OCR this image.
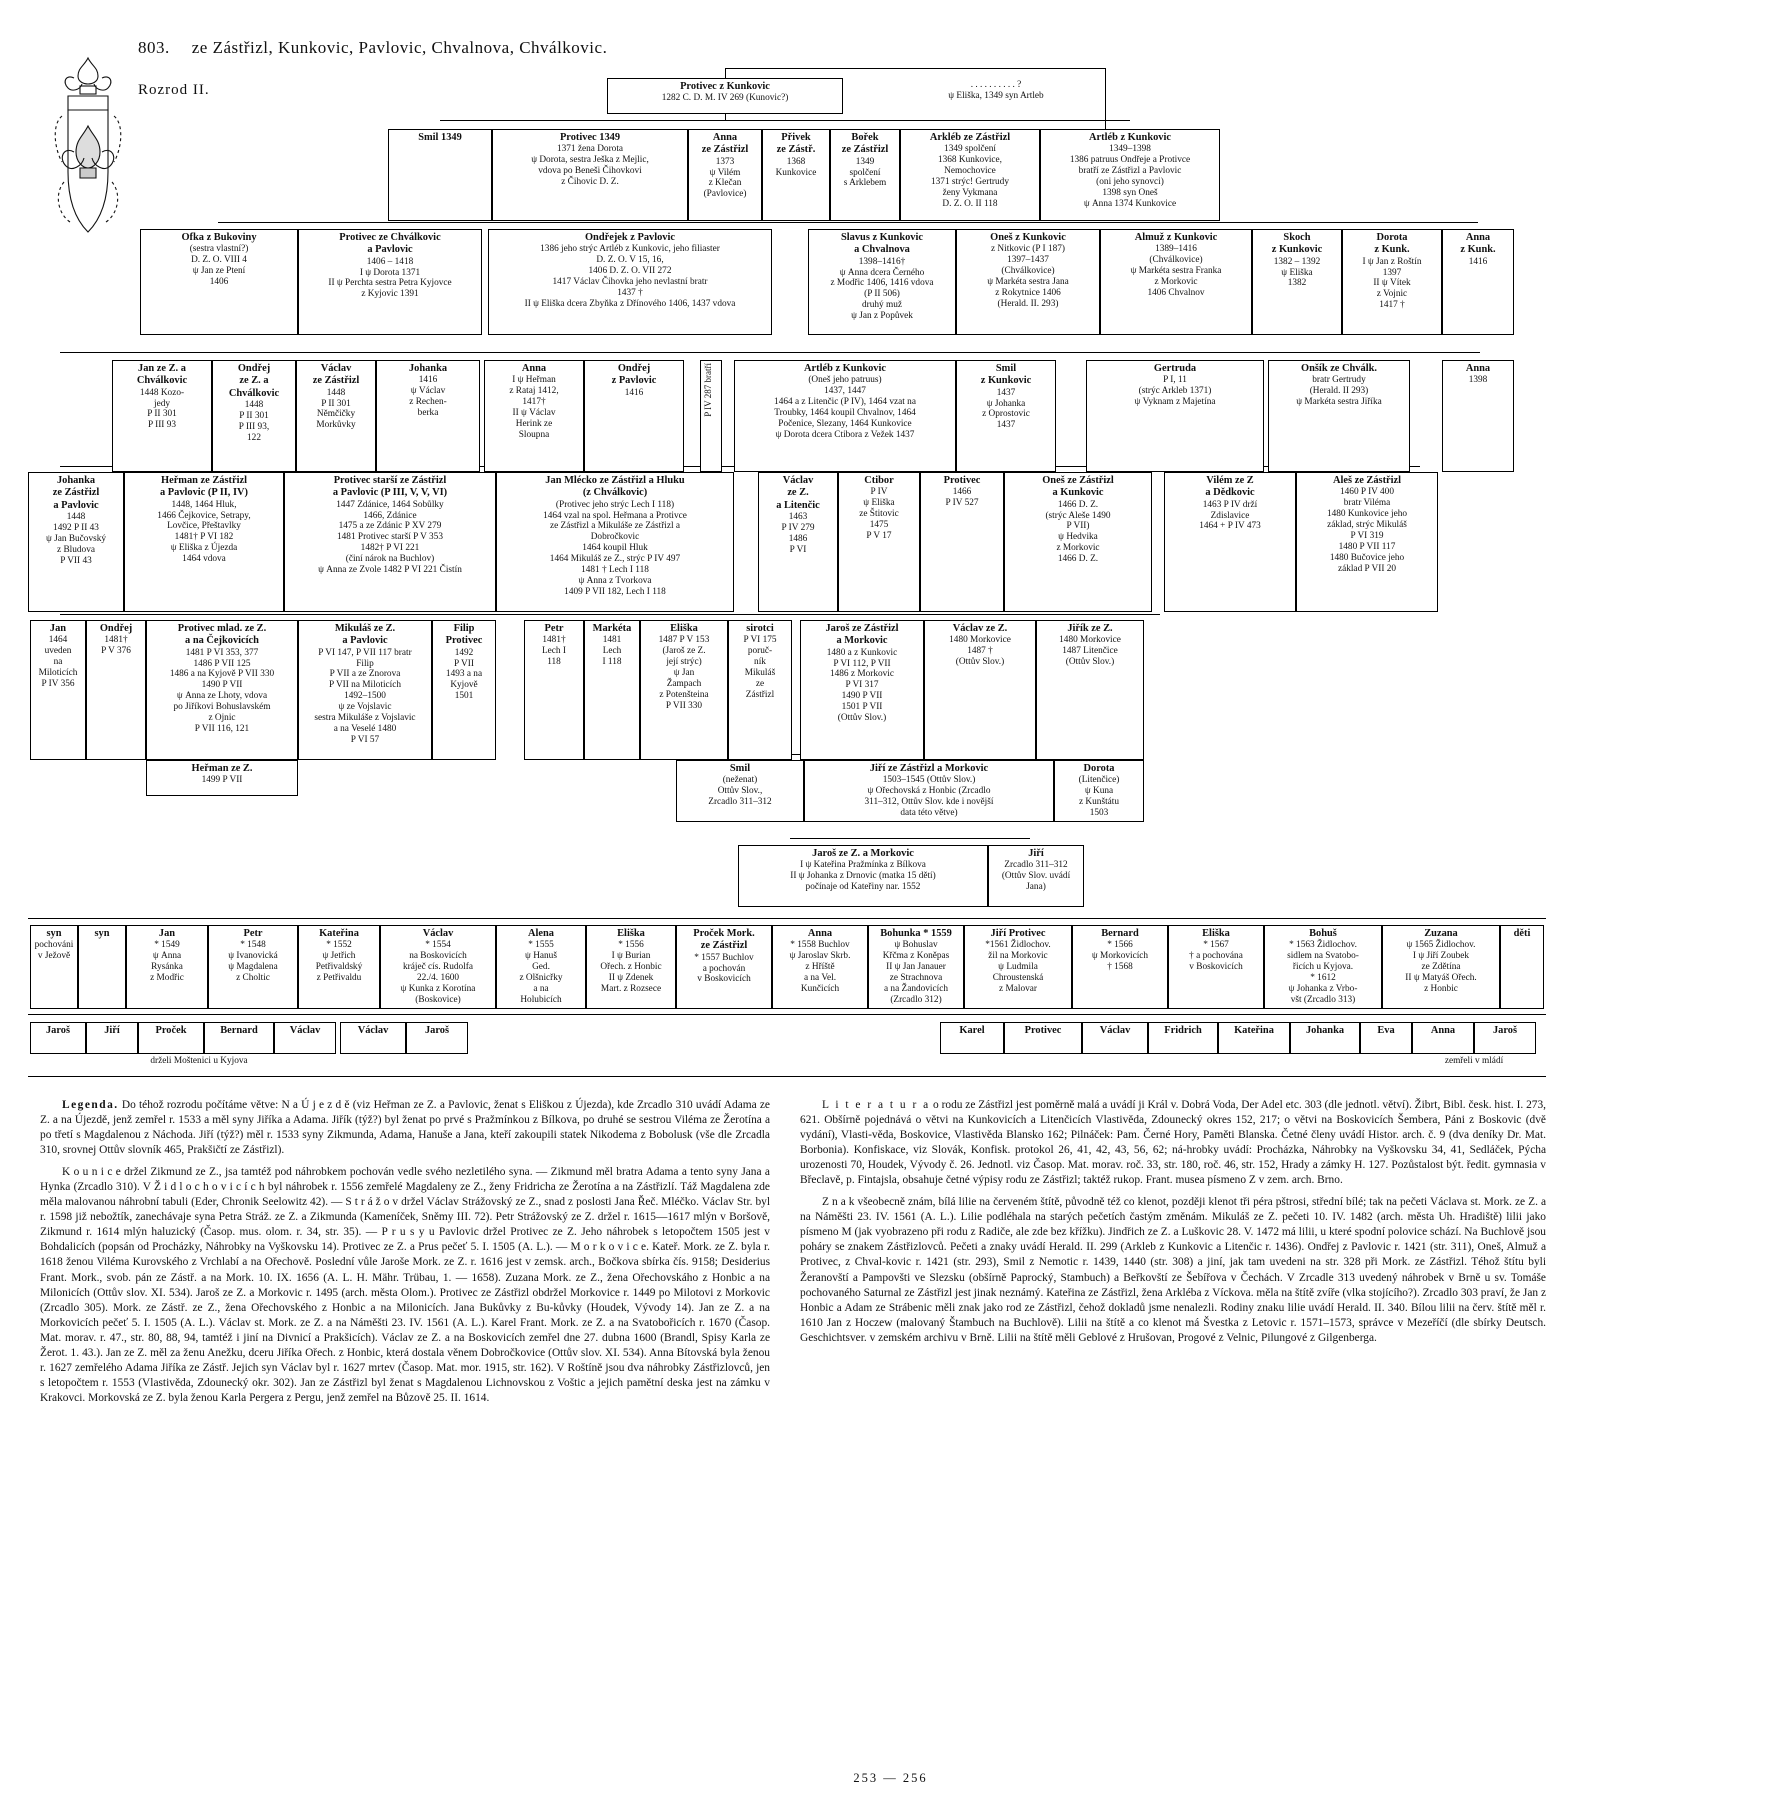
803. ze Zástřizl, Kunkovic, Pavlovic, Chvalnova, Chválkovic.
Rozrod II.	Protivec z Kunkovic
1282 C. D. M. IV 269 (Kunovic?)
. . . . . . . . . . ?
ψ Eliška, 1349 syn Artleb
Smil 1349	Protivec 1349
1371 žena Dorota
ψ Dorota, sestra Ješka z Mejlic,
vdova po Beneši Čihovkovi
z Čihovic D. Z.
Anna
ze Zástřizl
1373
ψ Vilém
z Klečan
(Pavlovice)
Přivek
ze Zástř.
1368
Kunkovice
Bořek
ze Zástřizl
1349
spolčení
s Arklebem
Arkléb ze Zástřizl
1349 spolčení
1368 Kunkovice,
Nemochovice
1371 strýc! Gertrudy
ženy Vykmana
D. Z. O. II 118
Artléb z Kunkovic
1349–1398
1386 patruus Ondřeje a Protivce
bratří ze Zástřizl a Pavlovic
(oni jeho synovci)
1398 syn Oneš
ψ Anna 1374 Kunkovice
Ofka z Bukoviny
(sestra vlastní?)
D. Z. O. VIII 4
ψ Jan ze Ptení
1406
Protivec ze Chválkovic
a Pavlovic
1406 – 1418
I ψ Dorota 1371
II ψ Perchta sestra Petra Kyjovce
z Kyjovic 1391
Ondřejek z Pavlovic
1386 jeho strýc Artléb z Kunkovic, jeho filiaster
D. Z. O. V 15, 16,
1406 D. Z. O. VII 272
1417 Václav Čihovka jeho nevlastní bratr
1437 †
II ψ Eliška dcera Zbyňka z Dřínového 1406, 1437 vdova
Slavus z Kunkovic
a Chvalnova
1398–1416†
ψ Anna dcera Černého
z Modřic 1406, 1416 vdova
(P II 506)
druhý muž
ψ Jan z Popůvek
Oneš z Kunkovic
z Nitkovic (P I 187)
1397–1437
(Chválkovice)
ψ Markéta sestra Jana
z Rokytnice 1406
(Herald. II. 293)
Almuž z Kunkovic
1389–1416
(Chválkovice)
ψ Markéta sestra Franka
z Morkovic
1406 Chvalnov
Skoch
z Kunkovic
1382 – 1392
ψ Eliška
1382
Dorota
z Kunk.
I ψ Jan z Roštín
1397
II ψ Vítek
z Vojnic
1417 †
Anna
z Kunk.
1416
Jan ze Z. a
Chválkovic
1448 Kozo-
jedy
P II 301
P III 93
Ondřej
ze Z. a
Chválkovic
1448
P II 301
P III 93,
122
Václav
ze Zástřizl
1448
P II 301
Němčičky
Morkůvky
Johanka
1416
ψ Václav
z Rechen-
berka
Anna
I ψ Heřman
z Rataj 1412,
1417†
II ψ Václav
Herink ze
Sloupna
Ondřej
z Pavlovic
1416	P IV 287 bratří	Artléb z Kunkovic
(Oneš jeho patruus)
1437, 1447
1464 a z Litenčic (P IV), 1464 vzat na
Troubky, 1464 koupil Chvalnov, 1464
Počenice, Slezany, 1464 Kunkovice
ψ Dorota dcera Ctibora z Vežek 1437
Smil
z Kunkovic
1437
ψ Johanka
z Oprostovic
1437
Gertruda
P I, 11
(strýc Arkleb 1371)
ψ Vyknam z Majetína
Onšík ze Chválk.
bratr Gertrudy
(Herald. II 293)
ψ Markéta sestra Jiříka
Anna
1398
Johanka
ze Zástřizl
a Pavlovic
1448
1492 P II 43
ψ Jan Bučovský
z Bludova
P VII 43
Heřman ze Zástřizl
a Pavlovic (P II, IV)
1448, 1464 Hluk,
1466 Čejkovice, Setrapy,
Lovčice, Přeštavlky
1481† P VI 182
ψ Eliška z Újezda
1464 vdova
Protivec starší ze Zástřizl
a Pavlovic (P III, V, V, VI)
1447 Zdánice, 1464 Sobůlky
1466, Zdánice
1475 a ze Zdánic P XV 279
1481 Protivec starší P V 353
1482† P VI 221
(činí nárok na Buchlov)
ψ Anna ze Zvole 1482 P VI 221 Čistín
Jan Mlécko ze Zástřizl a Hluku
(z Chválkovic)
(Protivec jeho strýc Lech I 118)
1464 vzal na spol. Heřmana a Protivce
ze Zástřizl a Mikuláše ze Zástřizl a
Dobročkovic
1464 koupil Hluk
1464 Mikuláš ze Z., strýc P IV 497
1481 † Lech I 118
ψ Anna z Tvorkova
1409 P VII 182, Lech I 118
Václav
ze Z.
a Litenčic
1463
P IV 279
1486
P VI
Ctibor
P IV
ψ Eliška
ze Štitovic
1475
P V 17
Protivec
1466
P IV 527
Oneš ze Zástřizl
a Kunkovic
1466 D. Z.
(strýc Aleše 1490
P VII)
ψ Hedvika
z Morkovic
1466 D. Z.
Vilém ze Z
a Dědkovic
1463 P IV drží
Zdislavice
1464 + P IV 473
Aleš ze Zástřizl
1460 P IV 400
bratr Viléma
1480 Kunkovice jeho
základ, strýc Mikuláš
P VI 319
1480 P VII 117
1480 Bučovice jeho
základ P VII 20
Jan
1464
uveden
na
Miloticích
P IV 356
Ondřej
1481†
P V 376
Protivec mlad. ze Z.
a na Čejkovicích
1481 P VI 353, 377
1486 P VII 125
1486 a na Kyjově P VII 330
1490 P VII
ψ Anna ze Lhoty, vdova
po Jiříkovi Bohuslavském
z Ojnic
P VII 116, 121
Mikuláš ze Z.
a Pavlovic
P VI 147, P VII 117 bratr
Filip
P VII a ze Znorova
P VII na Miloticích
1492–1500
ψ ze Vojslavic
sestra Mikuláše z Vojslavic
a na Veselé 1480
P VI 57
Filip
Protivec
1492
P VII
1493 a na
Kyjově
1501
Petr
1481†
Lech I
118
Markéta
1481
Lech
I 118
Eliška
1487 P V 153
(Jaroš ze Z.
její strýc)
ψ Jan
Žampach
z Potenšteina
P VII 330
sirotci
P VI 175
poruč-
ník
Mikuláš
ze
Zástřizl
Jaroš ze Zástřizl
a Morkovic
1480 a z Kunkovic
P VI 112, P VII
1486 z Morkovic
P VI 317
1490 P VII
1501 P VII
(Ottův Slov.)
Václav ze Z.
1480 Morkovice
1487 †
(Ottův Slov.)
Jiřík ze Z.
1480 Morkovice
1487 Litenčice
(Ottův Slov.)
Heřman ze Z.
1499 P VII
Smil
(neženat)
Ottův Slov.,
Zrcadlo 311–312
Jiří ze Zástřizl a Morkovic
1503–1545 (Ottův Slov.)
ψ Ořechovská z Honbic (Zrcadlo
311–312, Ottův Slov. kde i novější
data této větve)
Dorota
(Litenčice)
ψ Kuna
z Kunštátu
1503
Jaroš ze Z. a Morkovic
I ψ Kateřina Pražmínka z Bílkova
II ψ Johanka z Drnovic (matka 15 dětí)
počínaje od Kateřiny nar. 1552
Jiří
Zrcadlo 311–312
(Ottův Slov. uvádí
Jana)
syn
pochováni
v Ježově
syn	Jan
* 1549
ψ Anna
Rysánka
z Modřic
Petr
* 1548
ψ Ivanovická
ψ Magdalena
z Choltic
Kateřina
* 1552
ψ Jetřich
Petřivaldský
z Petřivaldu
Václav
* 1554
na Boskovicích
kráječ cís. Rudolfa
22./4. 1600
ψ Kunka z Korotína
(Boskovice)
Alena
* 1555
ψ Hanuš
Ged.
z Olšnicřky
a na
Holubicích
Eliška
* 1556
I ψ Burian
Ořech. z Honbic
II ψ Zdenek
Mart. z Rozsece
Proček Mork.
ze Zástřizl
* 1557 Buchlov
a pochován
v Boskovicích
Anna
* 1558 Buchlov
ψ Jaroslav Skrb.
z Hříště
a na Vel.
Kunčicích
Bohunka * 1559
ψ Bohuslav
Křčma z Koněpas
II ψ Jan Janauer
ze Strachnova
a na Žandovicích
(Zrcadlo 312)
Jiří Protivec
*1561 Židlochov.
žil na Morkovic
ψ Ludmila
Chroustenská
z Malovar
Bernard
* 1566
ψ Morkovicích
† 1568
Eliška
* 1567
† a pochována
v Boskovicích
Bohuš
* 1563 Židlochov.
sidlem na Svatobo-
řicích u Kyjova.
* 1612
ψ Johanka z Vrbo-
všt (Zrcadlo 313)
Zuzana
ψ 1565 Židlochov.
I ψ Jiří Zoubek
ze Zdětína
II ψ Matyáš Ořech.
z Honbic
děti
Jaroš	Jiří	Proček	Bernard	Václav	Václav	Jaroš	Karel	Protivec	Václav	Fridrich	Kateřina	Johanka	Eva	Anna	Jaroš
drželi Moštenici u Kyjova	zemřeli v mládí

Legenda. Do téhož rozrodu počítáme větve: N a Ú j e z d ě (viz Heřman ze Z. a Pavlovic, ženat s Eliškou z Újezda), kde Zrcadlo 310 uvádí Adama ze Z. a na Újezdě, jenž zemřel r. 1533 a měl syny Jiříka a Adama. Jiřík (týž?) byl ženat po prvé s Pražmínkou z Bílkova, po druhé se sestrou Viléma ze Žerotína a po třetí s Magdalenou z Náchoda. Jiří (týž?) měl r. 1533 syny Zikmunda, Adama, Hanuše a Jana, kteří zakoupili statek Nikodema z Bobolusk (vše dle Zrcadla 310, srovnej Ottův slovník 465, Prakšičtí ze Zástřizl).

K o u n i c e držel Zikmund ze Z., jsa tamtéž pod náhrobkem pochován vedle svého nezletilého syna. — Zikmund měl bratra Adama a tento syny Jana a Hynka (Zrcadlo 310). V Ž i d l o c h o v i c í c h byl náhrobek r. 1556 zemřelé Magdaleny ze Z., ženy Fridricha ze Žerotína a na Zástřizlí. Táž Magdalena zde měla malovanou náhrobní tabuli (Eder, Chronik Seelowitz 42). — S t r á ž o v držel Václav Strážovský ze Z., snad z poslosti Jana Řeč. Mléčko. Václav Str. byl r. 1598 již nebožtík, zanechávaje syna Petra Stráž. ze Z. a Zikmunda (Kameníček, Sněmy III. 72). Petr Strážovský ze Z. držel r. 1615—1617 mlýn v Boršově, Zikmund r. 1614 mlýn haluzický (Časop. mus. olom. r. 34, str. 35). — P r u s y u Pavlovic držel Protivec ze Z. Jeho náhrobek s letopočtem 1505 jest v Bohdalicích (popsán od Procházky, Náhrobky na Vyškovsku 14). Protivec ze Z. a Prus pečeť 5. I. 1505 (A. L.). — M o r k o v i c e. Kateř. Mork. ze Z. byla r. 1618 ženou Viléma Kurovského z Vrchlabí a na Ořechově. Poslední vůle Jaroše Mork. ze Z. r. 1616 jest v zemsk. arch., Bočkova sbírka čís. 9158; Desiderius Frant. Mork., svob. pán ze Zástř. a na Mork. 10. IX. 1656 (A. L. H. Mähr. Trübau, 1. — 1658). Zuzana Mork. ze Z., žena Ořechovskáho z Honbic a na Milonicích (Ottův slov. XI. 534). Jaroš ze Z. a Morkovic r. 1495 (arch. města Olom.). Protivec ze Zástřizl obdržel Morkovice r. 1449 po Milotovi z Morkovic (Zrcadlo 305). Mork. ze Zástř. ze Z., žena Ořechovského z Honbic a na Milonicích. Jana Bukůvky z Bu-kůvky (Houdek, Vývody 14). Jan ze Z. a na Morkovicích pečeť 5. I. 1505 (A. L.). Václav st. Mork. ze Z. a na Náměšti 23. IV. 1561 (A. L.). Karel Frant. Mork. ze Z. a na Svatobořicích r. 1670 (Časop. Mat. morav. r. 47., str. 80, 88, 94, tamtéž i jiní na Divnicí a Prakšicích). Václav ze Z. a na Boskovicích zemřel dne 27. dubna 1600 (Brandl, Spisy Karla ze Žerot. 1. 43.). Jan ze Z. měl za ženu Anežku, dceru Jiříka Ořech. z Honbic, která dostala věnem Dobročkovice (Ottův slov. XI. 534). Anna Bítovská byla ženou r. 1627 zemřelého Adama Jiříka ze Zástř. Jejich syn Václav byl r. 1627 mrtev (Časop. Mat. mor. 1915, str. 162). V Roštíně jsou dva náhrobky Zástřizlovců, jen s letopočtem r. 1553 (Vlastivěda, Zdounecký okr. 302). Jan ze Zástřizl byl ženat s Magdalenou Lichnovskou z Voštic a jejich pamětní deska jest na zámku v Krakovci. Morkovská ze Z. byla ženou Karla Pergera z Pergu, jenž zemřel na Bůzově 25. II. 1614.

L i t e r a t u r a o rodu ze Zástřizl jest poměrně malá a uvádí ji Král v. Dobrá Voda, Der Adel etc. 303 (dle jednotl. větví). Žibrt, Bibl. česk. hist. I. 273, 621. Obšírně pojednává o větvi na Kunkovicích a Litenčicích Vlastivěda, Zdounecký okres 152, 217; o větvi na Boskovicích Šembera, Páni z Boskovic (dvě vydání), Vlasti-věda, Boskovice, Vlastivěda Blansko 162; Pilnáček: Pam. Černé Hory, Paměti Blanska. Četné členy uvádí Histor. arch. č. 9 (dva deníky Dr. Mat. Borbonia). Konfiskace, viz Slovák, Konfisk. protokol 26, 41, 42, 43, 56, 62; ná-hrobky uvádí: Procházka, Náhrobky na Vyškovsku 34, 41, Sedláček, Pýcha urozenosti 70, Houdek, Vývody č. 26. Jednotl. viz Časop. Mat. morav. roč. 33, str. 180, roč. 46, str. 152, Hrady a zámky H. 127. Pozůstalost být. ředit. gymnasia v Břeclavě, p. Fintajsla, obsahuje četné výpisy rodu ze Zástřizl; taktéž rukop. Frant. musea písmeno Z v zem. arch. Brno.

Z n a k všeobecně znám, bílá lilie na červeném štítě, původně též co klenot, později klenot tři péra pštrosi, střední bílé; tak na pečeti Václava st. Mork. ze Z. a na Náměšti 23. IV. 1561 (A. L.). Lilie podléhala na starých pečetích častým změnám. Mikuláš ze Z. pečeti 10. IV. 1482 (arch. města Uh. Hradiště) lilii jako písmeno M (jak vyobrazeno při rodu z Radiče, ale zde bez křížku). Jindřich ze Z. a Luškovic 28. V. 1472 má lilii, u které spodní polovice schází. Na Buchlově jsou poháry se znakem Zástřizlovců. Pečeti a znaky uvádí Herald. II. 299 (Arkleb z Kunkovic a Litenčic r. 1436). Ondřej z Pavlovic r. 1421 (str. 311), Oneš, Almuž a Protivec, z Chval-kovic r. 1421 (str. 293), Smil z Nemotic r. 1439, 1440 (str. 308) a jiní, jak tam uvedeni na str. 328 při Mork. ze Zástřizl. Téhož štítu byli Žeranovští a Pampovšti ve Slezsku (obšírně Paprocký, Stambuch) a Beřkovští ze Šebířova v Čechách. V Zrcadle 313 uvedený náhrobek v Brně u sv. Tomáše pochovaného Saturnal ze Zástřizl jest jinak neznámý. Kateřina ze Zástřizl, žena Arkléba z Víckova. měla na štítě zvíře (vlka stojícího?). Zrcadlo 303 praví, že Jan z Honbic a Adam ze Strábenic měli znak jako rod ze Zástřizl, čehož dokladů jsme nenalezli. Rodiny znaku lilie uvádí Herald. II. 340. Bílou lilii na červ. štítě měl r. 1610 Jan z Hoczew (malovaný Štambuch na Buchlově). Lilii na štítě a co klenot má Švestka z Letovic r. 1571–1573, správce v Mezeříčí (dle sbírky Deutsch. Geschichtsver. v zemském archivu v Brně. Lilii na štítě měli Geblové z Hrušovan, Progové z Velnic, Pilungové z Gilgenberga.

253 — 256
